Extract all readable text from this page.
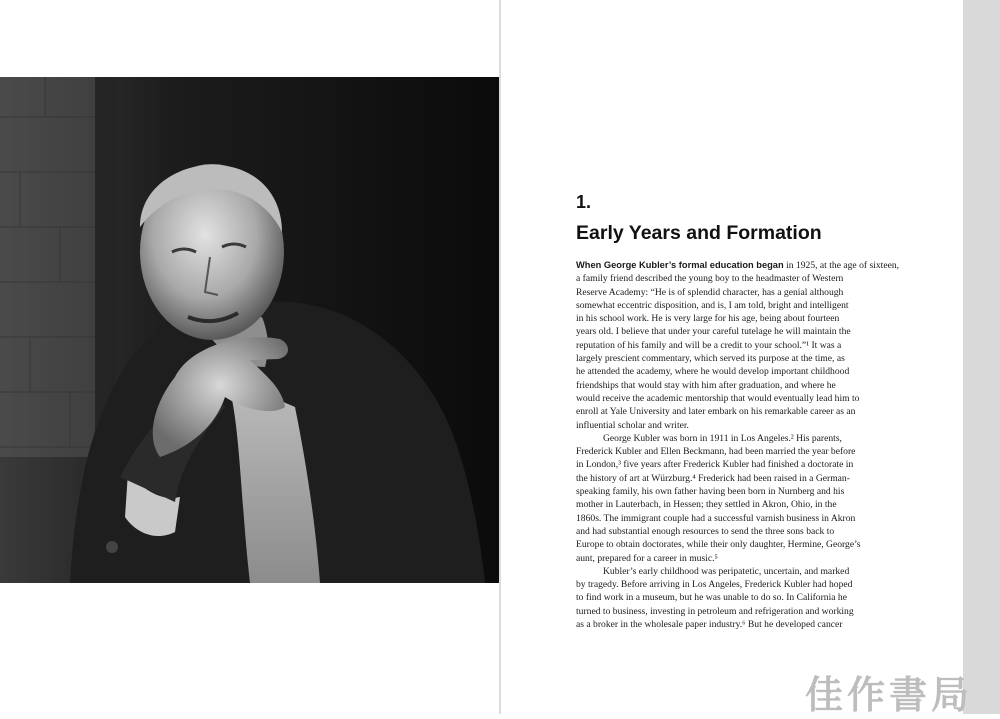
1.
Early Years and Formation
When George Kubler’s formal education began in 1925, at the age of sixteen,
a family friend described the young boy to the headmaster of Western
Reserve Academy: “He is of splendid character, has a genial although
somewhat eccentric disposition, and is, I am told, bright and intelligent
in his school work. He is very large for his age, being about fourteen
years old. I believe that under your careful tutelage he will maintain the
reputation of his family and will be a credit to your school.”¹ It was a
largely prescient commentary, which served its purpose at the time, as
he attended the academy, where he would develop important childhood
friendships that would stay with him after graduation, and where he
would receive the academic mentorship that would eventually lead him to
enroll at Yale University and later embark on his remarkable career as an
influential scholar and writer.
George Kubler was born in 1911 in Los Angeles.² His parents,
Frederick Kubler and Ellen Beckmann, had been married the year before
in London,³ five years after Frederick Kubler had finished a doctorate in
the history of art at Würzburg.⁴ Frederick had been raised in a German-
speaking family, his own father having been born in Nurnberg and his
mother in Lauterbach, in Hessen; they settled in Akron, Ohio, in the
1860s. The immigrant couple had a successful varnish business in Akron
and had substantial enough resources to send the three sons back to
Europe to obtain doctorates, while their only daughter, Hermine, George’s
aunt, prepared for a career in music.⁵
Kubler’s early childhood was peripatetic, uncertain, and marked
by tragedy. Before arriving in Los Angeles, Frederick Kubler had hoped
to find work in a museum, but he was unable to do so. In California he
turned to business, investing in petroleum and refrigeration and working
as a broker in the wholesale paper industry.⁶ But he developed cancer
佳作書局
